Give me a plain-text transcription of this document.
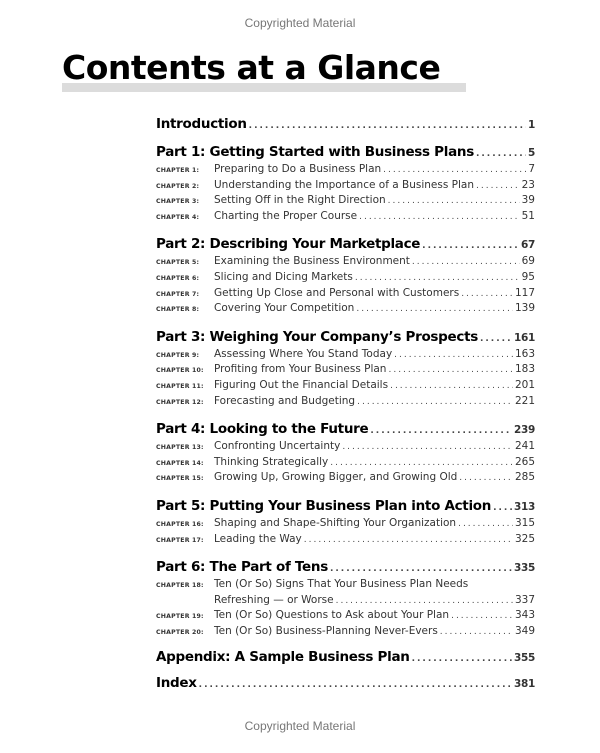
Copyrighted Material
Contents at a Glance
Introduction .....	1
Part 1: Getting Started with Business Plans .....	5
CHAPTER 1:	Preparing to Do a Business Plan .....	7
CHAPTER 2:	Understanding the Importance of a Business Plan .....	23
CHAPTER 3:	Setting Off in the Right Direction .....	39
CHAPTER 4:	Charting the Proper Course .....	51
Part 2: Describing Your Marketplace .....	67
CHAPTER 5:	Examining the Business Environment .....	69
CHAPTER 6:	Slicing and Dicing Markets .....	95
CHAPTER 7:	Getting Up Close and Personal with Customers .....	117
CHAPTER 8:	Covering Your Competition .....	139
Part 3: Weighing Your Company’s Prospects .....	161
CHAPTER 9:	Assessing Where You Stand Today .....	163
CHAPTER 10: Profiting from Your Business Plan .....	183
CHAPTER 11: Figuring Out the Financial Details .....	201
CHAPTER 12: Forecasting and Budgeting .....	221
Part 4: Looking to the Future .....	239
CHAPTER 13: Confronting Uncertainty .....	241
CHAPTER 14: Thinking Strategically .....	265
CHAPTER 15: Growing Up, Growing Bigger, and Growing Old .....	285
Part 5: Putting Your Business Plan into Action ..... 313
CHAPTER 16: Shaping and Shape-Shifting Your Organization .....	315
CHAPTER 17: Leading the Way .....	325
Part 6: The Part of Tens .....	335
CHAPTER 18: Ten (Or So) Signs That Your Business Plan Needs
Refreshing — or Worse .....	337
CHAPTER 19: Ten (Or So) Questions to Ask about Your Plan .....	343
CHAPTER 20: Ten (Or So) Business-Planning Never-Evers .....	349
Appendix: A Sample Business Plan .....	355
Index .....	381
Copyrighted Material
